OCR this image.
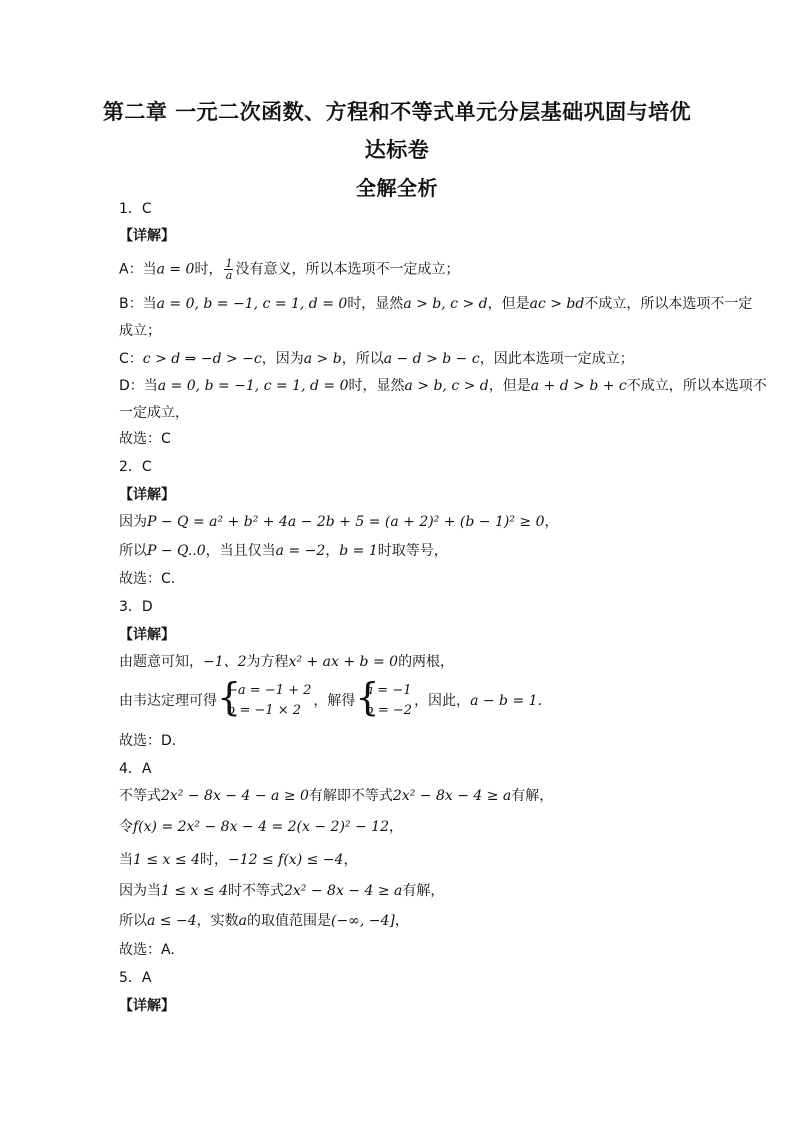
第二章 一元二次函数、方程和不等式单元分层基础巩固与培优
达标卷
全解全析
1．C
【详解】
A：当a = 0时， $\frac{1}{a}$ 没有意义，所以本选项不一定成立；
B：当a = 0, b = −1, c = 1, d = 0时，显然a > b, c > d，但是ac > bd不成立，所以本选项不一定
成立；
C：c > d ⇒ −d > −c，因为a > b，所以a − d > b − c，因此本选项一定成立；
D：当a = 0, b = −1, c = 1, d = 0时，显然a > b, c > d，但是a + d > b + c不成立，所以本选项不
一定成立，
故选：C
2．C
【详解】
因为P − Q = a² + b² + 4a − 2b + 5 = (a + 2)² + (b − 1)² ≥ 0，
所以P − Q..0，当且仅当a = −2，b = 1时取等号，
故选：C.
3．D
【详解】
由题意可知，−1、2为方程x² + ax + b = 0的两根，
由韦达定理可得
{ −a = −1 + 2
b = −1 × 2
，解得
{ a = −1
b = −2
，因此，a − b = 1.
故选：D.
4．A
不等式2x² − 8x − 4 − a ≥ 0有解即不等式2x² − 8x − 4 ≥ a有解，
令f(x) = 2x² − 8x − 4 = 2(x − 2)² − 12，
当1 ≤ x ≤ 4时，−12 ≤ f(x) ≤ −4，
因为当1 ≤ x ≤ 4时不等式2x² − 8x − 4 ≥ a有解，
所以a ≤ −4，实数a的取值范围是(−∞, −4]，
故选：A.
5．A
【详解】
